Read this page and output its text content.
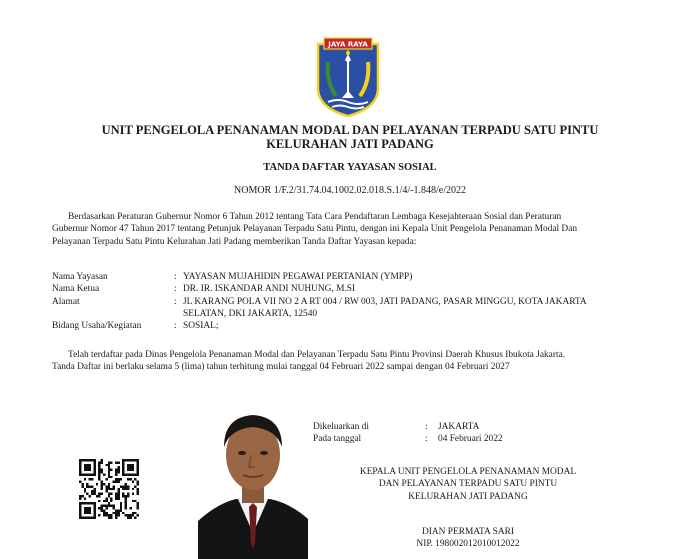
JAYA RAYA
UNIT PENGELOLA PENANAMAN MODAL DAN PELAYANAN TERPADU SATU PINTU
KELURAHAN JATI PADANG
TANDA DAFTAR YAYASAN SOSIAL
NOMOR 1/F.2/31.74.04.1002.02.018.S.1/4/-1.848/e/2022
Berdasarkan Peraturan Gubernur Nomor 6 Tahun 2012 tentang Tata Cara Pendaftaran Lembaga Kesejahteraan Sosial dan Peraturan
Gubernur Nomor 47 Tahun 2017 tentang Petunjuk Pelayanan Terpadu Satu Pintu, dengan ini Kepala Unit Pengelola Penanaman Modal Dan
Pelayanan Terpadu Satu Pintu Kelurahan Jati Padang memberikan Tanda Daftar Yayasan kepada:
Nama Yayasan	: YAYASAN MUJAHIDIN PEGAWAI PERTANIAN (YMPP)
Nama Ketua	: DR. IR. ISKANDAR ANDI NUHUNG, M.SI
Alamat	: JL KARANG POLA VII NO 2 A RT 004 / RW 003, JATI PADANG, PASAR MINGGU, KOTA JAKARTA
SELATAN, DKI JAKARTA, 12540
Bidang Usaha/Kegiatan	: SOSIAL;
Telah terdaftar pada Dinas Pengelola Penanaman Modal dan Pelayanan Terpadu Satu Pintu Provinsi Daerah Khusus Ibukota Jakarta.
Tanda Daftar ini berlaku selama 5 (lima) tahun terhitung mulai tanggal 04 Februari 2022 sampai dengan 04 Februari 2027
Dikeluarkan di	:	JAKARTA
Pada tanggal	:	04 Februari 2022
KEPALA UNIT PENGELOLA PENANAMAN MODAL
DAN PELAYANAN TERPADU SATU PINTU
KELURAHAN JATI PADANG
DIAN PERMATA SARI
NIP. 198002012010012022
